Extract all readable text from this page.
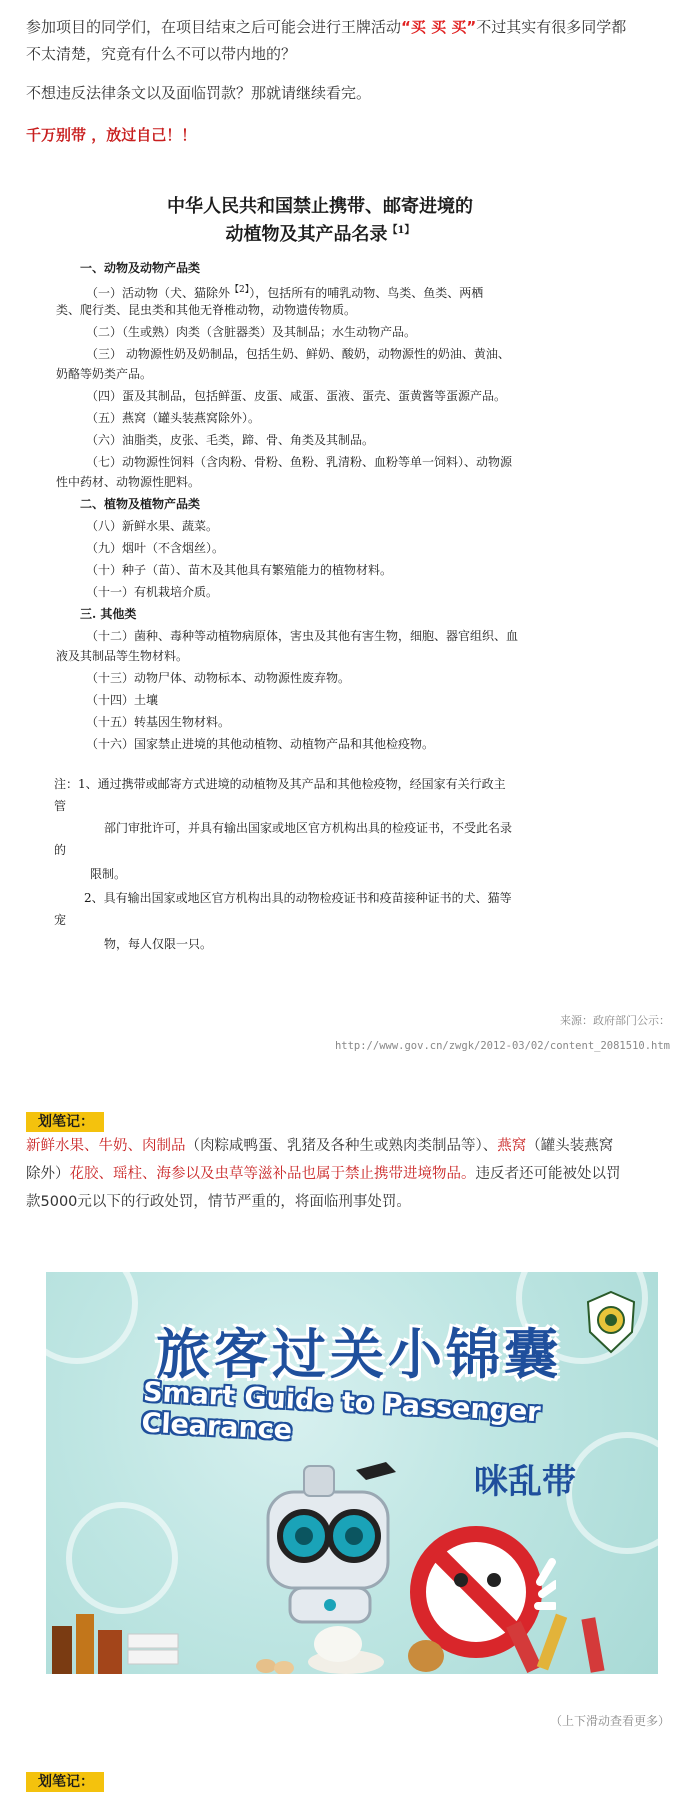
参加项目的同学们，在项目结束之后可能会进行王牌活动“买 买 买”不过其实有很多同学都
不太清楚，究竟有什么不可以带内地的？

不想违反法律条文以及面临罚款？那就请继续看完。

千万别带 ，放过自己！！

中华人民共和国禁止携带、邮寄进境的
动植物及其产品名录$^{【1】}$
一、动物及动物产品类
（一）活动物（犬、猫除外$^{【2】}$），包括所有的哺乳动物、鸟类、鱼类、两栖
类、爬行类、昆虫类和其他无脊椎动物，动物遗传物质。
（二）（生或熟）肉类（含脏器类）及其制品；水生动物产品。
（三） 动物源性奶及奶制品，包括生奶、鲜奶、酸奶，动物源性的奶油、黄油、
奶酪等奶类产品。
（四）蛋及其制品，包括鲜蛋、皮蛋、咸蛋、蛋液、蛋壳、蛋黄酱等蛋源产品。
（五）燕窝（罐头装燕窝除外）。
（六）油脂类，皮张、毛类，蹄、骨、角类及其制品。
（七）动物源性饲料（含肉粉、骨粉、鱼粉、乳清粉、血粉等单一饲料）、动物源
性中药材、动物源性肥料。
二、植物及植物产品类
（八）新鲜水果、蔬菜。
（九）烟叶（不含烟丝）。
（十）种子（苗）、苗木及其他具有繁殖能力的植物材料。
（十一）有机栽培介质。
三. 其他类
（十二）菌种、毒种等动植物病原体，害虫及其他有害生物，细胞、器官组织、血
液及其制品等生物材料。
（十三）动物尸体、动物标本、动物源性废弃物。
（十四）土壤
（十五）转基因生物材料。
（十六）国家禁止进境的其他动植物、动植物产品和其他检疫物。
注：1、通过携带或邮寄方式进境的动植物及其产品和其他检疫物，经国家有关行政主
管
部门审批许可，并具有输出国家或地区官方机构出具的检疫证书，不受此名录
的
限制。
2、具有输出国家或地区官方机构出具的动物检疫证书和疫苗接种证书的犬、猫等
宠
物，每人仅限一只。
来源：政府部门公示：
http://www.gov.cn/zwgk/2012-03/02/content_2081510.htm
划笔记：

新鲜水果、牛奶、肉制品（肉粽咸鸭蛋、乳猪及各种生或熟肉类制品等）、燕窝（罐头装燕窝
除外）花胶、瑶柱、海参以及虫草等滋补品也属于禁止携带进境物品。违反者还可能被处以罚
款5000元以下的行政处罚，情节严重的，将面临刑事处罚。

旅客过关小锦囊
Smart Guide to Passenger Clearance
咪乱带
（上下滑动查看更多）
划笔记：
